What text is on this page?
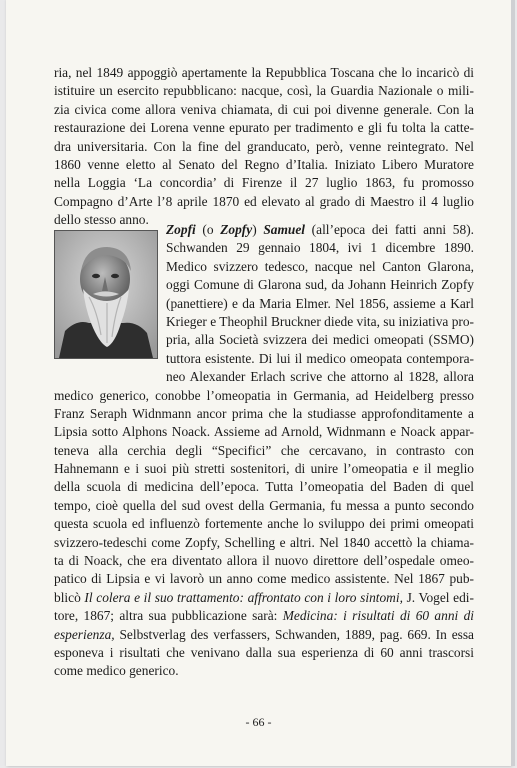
ria, nel 1849 appoggiò apertamente la Repubblica Toscana che lo incaricò di
istituire un esercito repubblicano: nacque, così, la Guardia Nazionale o mili-
zia civica come allora veniva chiamata, di cui poi divenne generale. Con la
restaurazione dei Lorena venne epurato per tradimento e gli fu tolta la catte-
dra universitaria. Con la fine del granducato, però, venne reintegrato. Nel
1860 venne eletto al Senato del Regno d’Italia. Iniziato Libero Muratore
nella Loggia ‘La concordia’ di Firenze il 27 luglio 1863, fu promosso
Compagno d’Arte l’8 aprile 1870 ed elevato al grado di Maestro il 4 luglio
dello stesso anno.
Zopfi (o Zopfy) Samuel (all’epoca dei fatti anni 58).
Schwanden 29 gennaio 1804, ivi 1 dicembre 1890.
Medico svizzero tedesco, nacque nel Canton Glarona,
oggi Comune di Glarona sud, da Johann Heinrich Zopfy
(panettiere) e da Maria Elmer. Nel 1856, assieme a Karl
Krieger e Theophil Bruckner diede vita, su iniziativa pro-
pria, alla Società svizzera dei medici omeopati (SSMO)
tuttora esistente. Di lui il medico omeopata contempora-
neo Alexander Erlach scrive che attorno al 1828, allora
medico generico, conobbe l’omeopatia in Germania, ad Heidelberg presso
Franz Seraph Widnmann ancor prima che la studiasse approfonditamente a
Lipsia sotto Alphons Noack. Assieme ad Arnold, Widnmann e Noack appar-
teneva alla cerchia degli “Specifici” che cercavano, in contrasto con
Hahnemann e i suoi più stretti sostenitori, di unire l’omeopatia e il meglio
della scuola di medicina dell’epoca. Tutta l’omeopatia del Baden di quel
tempo, cioè quella del sud ovest della Germania, fu messa a punto secondo
questa scuola ed influenzò fortemente anche lo sviluppo dei primi omeopati
svizzero-tedeschi come Zopfy, Schelling e altri. Nel 1840 accettò la chiama-
ta di Noack, che era diventato allora il nuovo direttore dell’ospedale omeo-
patico di Lipsia e vi lavorò un anno come medico assistente. Nel 1867 pub-
blicò Il colera e il suo trattamento: affrontato con i loro sintomi, J. Vogel edi-
tore, 1867; altra sua pubblicazione sarà: Medicina: i risultati di 60 anni di
esperienza, Selbstverlag des verfassers, Schwanden, 1889, pag. 669. In essa
esponeva i risultati che venivano dalla sua esperienza di 60 anni trascorsi
come medico generico.
- 66 -
